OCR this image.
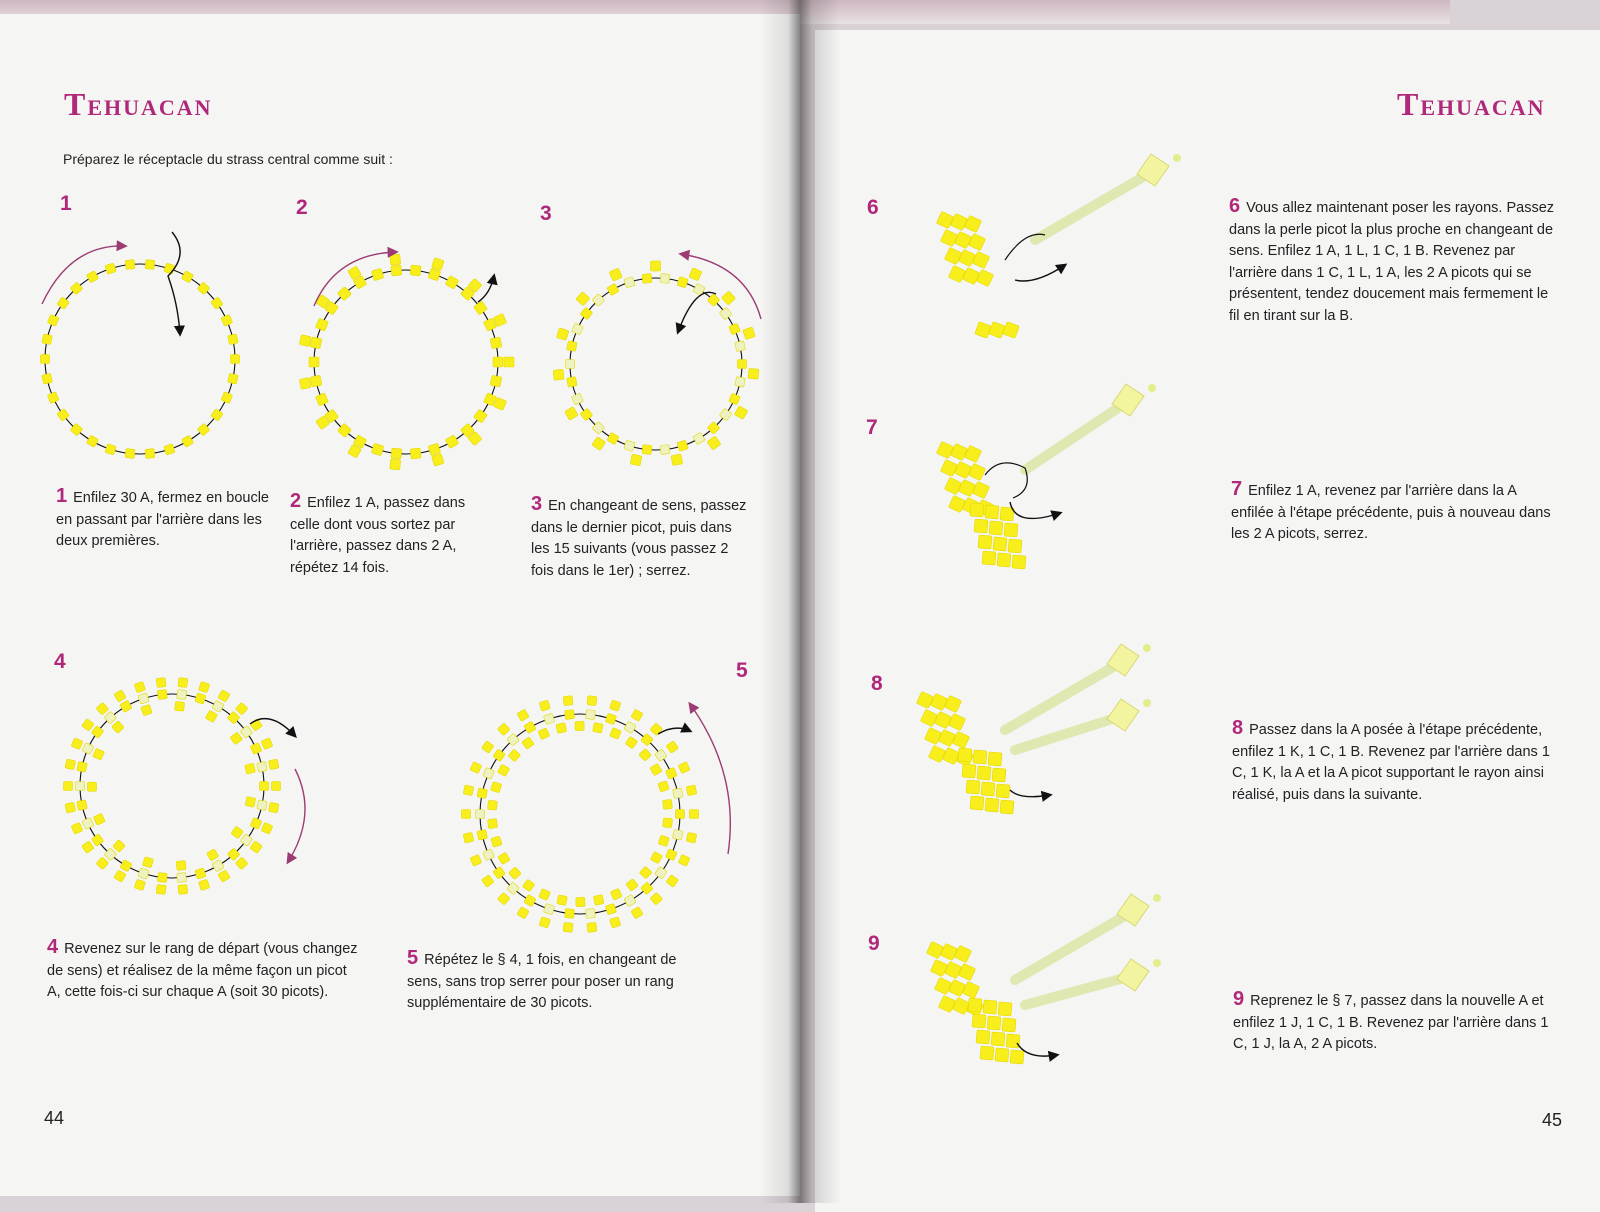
Tehuacan
Préparez le réceptacle du strass central comme suit :
1	2	3
4	5
1 Enfilez 30 A, fermez en boucle en passant par l'arrière dans les deux premières.
2 Enfilez 1 A, passez dans celle dont vous sortez par l'arrière, passez dans 2 A, répétez 14 fois.
3 En changeant de sens, passez dans le dernier picot, puis dans les 15 suivants (vous passez 2 fois dans le 1er) ; serrez.
4 Revenez sur le rang de départ (vous changez de sens) et réalisez de la même façon un picot A, cette fois-ci sur chaque A (soit 30 picots).
5 Répétez le § 4, 1 fois, en changeant de sens, sans trop serrer pour poser un rang supplémentaire de 30 picots.
44
Tehuacan
6
7
8
9
6 Vous allez maintenant poser les rayons. Passez dans la perle picot la plus proche en changeant de sens. Enfilez 1 A, 1 L, 1 C, 1 B. Revenez par l'arrière dans 1 C, 1 L, 1 A, les 2 A picots qui se présentent, tendez doucement mais fermement le fil en tirant sur la B.
7 Enfilez 1 A, revenez par l'arrière dans la A enfilée à l'étape précédente, puis à nouveau dans les 2 A picots, serrez.
8 Passez dans la A posée à l'étape précédente, enfilez 1 K, 1 C, 1 B. Revenez par l'arrière dans 1 C, 1 K, la A et la A picot supportant le rayon ainsi réalisé, puis dans la suivante.
9 Reprenez le § 7, passez dans la nouvelle A et enfilez 1 J, 1 C, 1 B. Revenez par l'arrière dans 1 C, 1 J, la A, 2 A picots.
45
